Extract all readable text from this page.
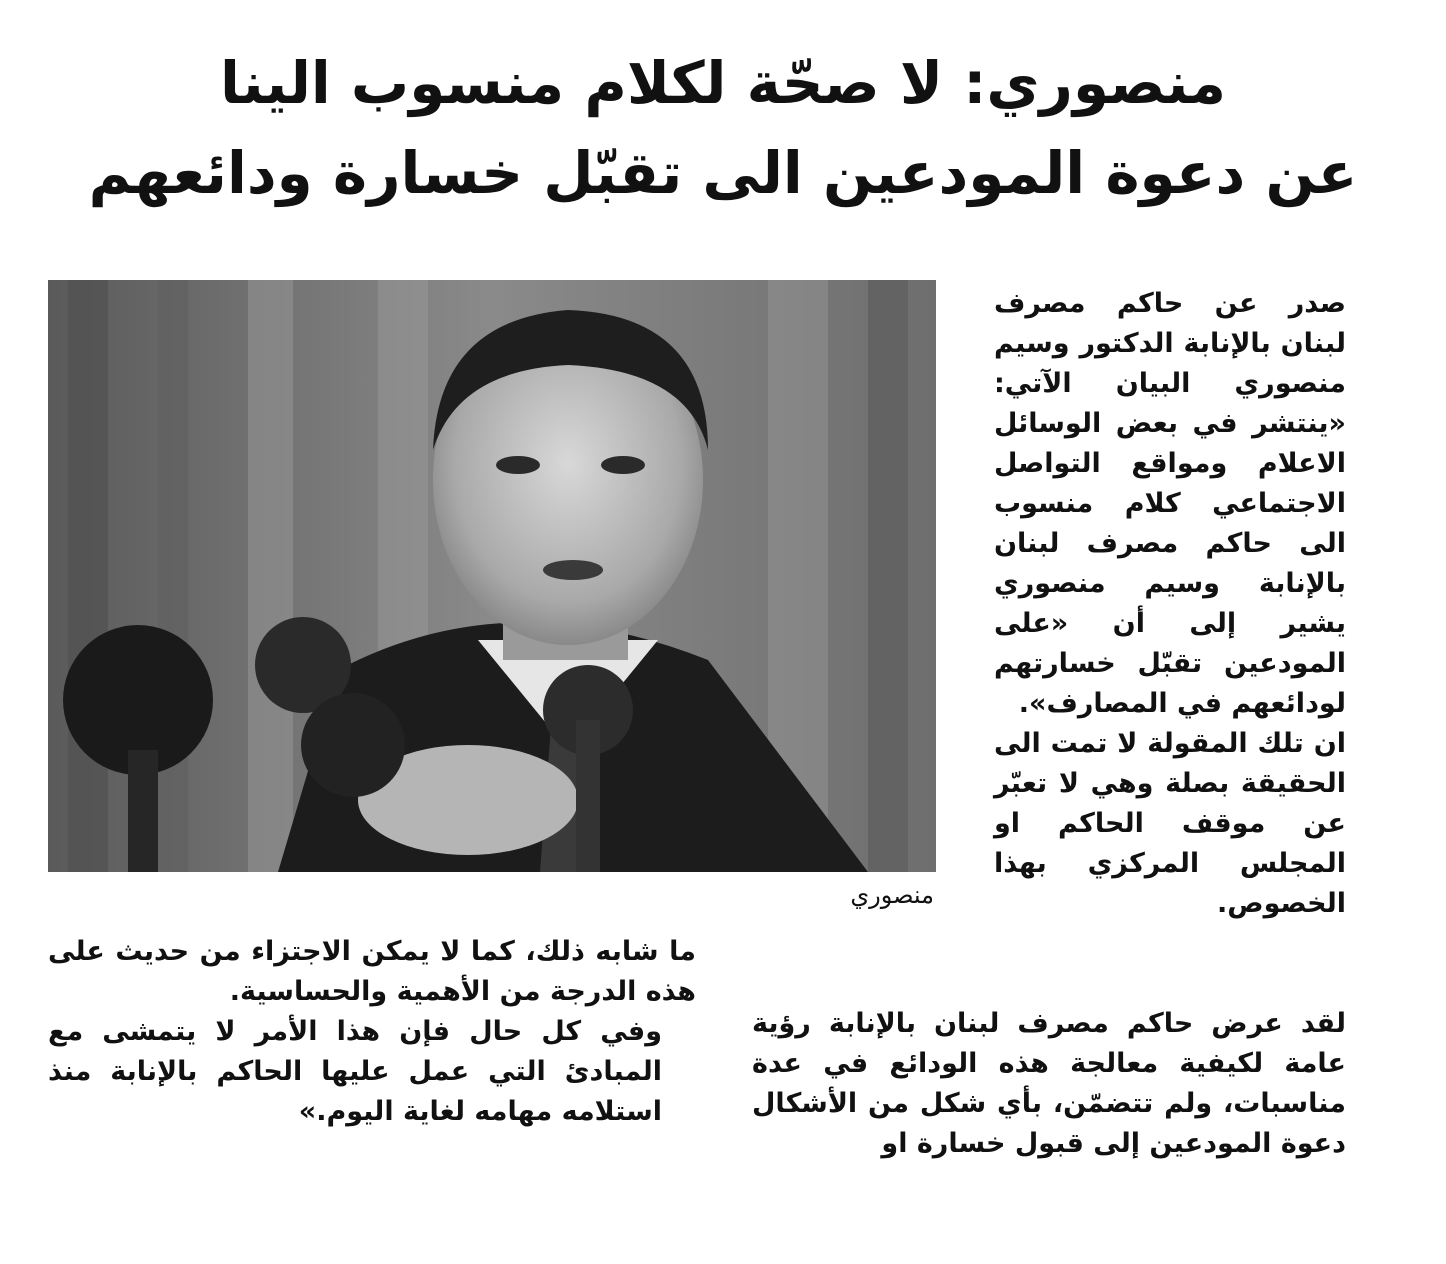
منصوري: لا صحّة لكلام منسوب الينا
عن دعوة المودعين الى تقبّل خسارة ودائعهم
منصوري

صدر عن حاكم مصرف لبنان بالإنابة الدكتور وسيم منصوري البيان الآتي: «ينتشر في بعض الوسائل الاعلام ومواقع التواصل الاجتماعي كلام منسوب الى حاكم مصرف لبنان بالإنابة وسيم منصوري يشير إلى أن «على المودعين تقبّل خسارتهم لودائعهم في المصارف».

ان تلك المقولة لا تمت الى الحقيقة بصلة وهي لا تعبّر عن موقف الحاكم او المجلس المركزي بهذا الخصوص.

لقد عرض حاكم مصرف لبنان بالإنابة رؤية عامة لكيفية معالجة هذه الودائع في عدة مناسبات، ولم تتضمّن، بأي شكل من الأشكال دعوة المودعين إلى قبول خسارة او

ما شابه ذلك، كما لا يمكن الاجتزاء من حديث على هذه الدرجة من الأهمية والحساسية.

وفي كل حال فإن هذا الأمر لا يتمشى مع المبادئ التي عمل عليها الحاكم بالإنابة منذ استلامه مهامه لغاية اليوم.»
